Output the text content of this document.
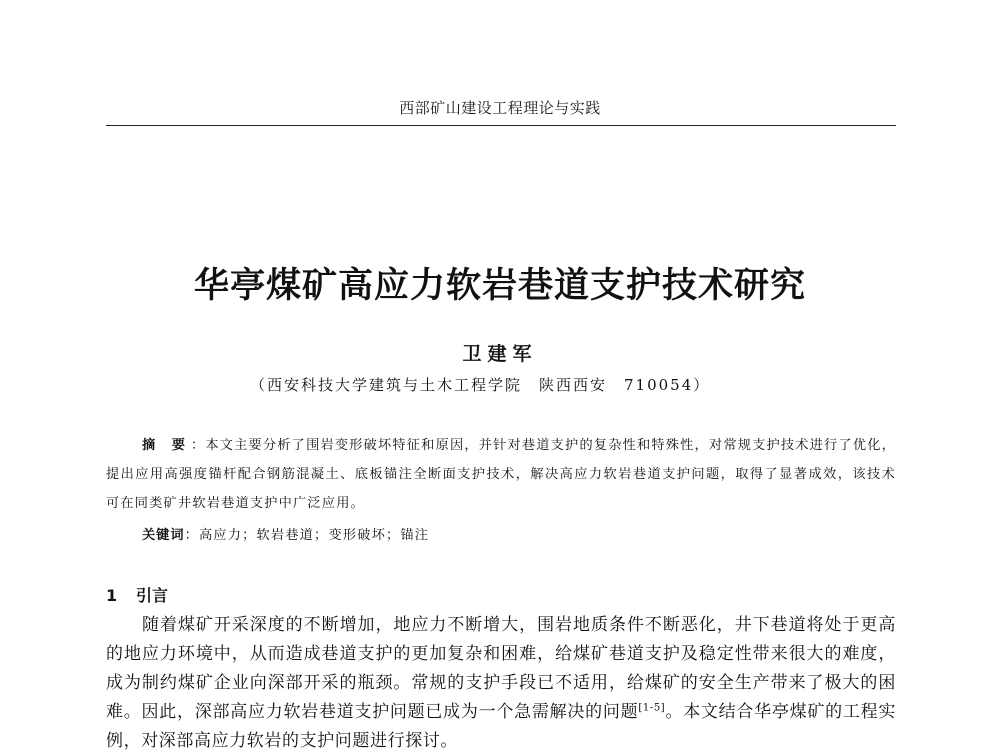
西部矿山建设工程理论与实践
华亭煤矿高应力软岩巷道支护技术研究
卫建军
（西安科技大学建筑与土木工程学院　陕西西安　710054）
摘 要：本文主要分析了围岩变形破坏特征和原因，并针对巷道支护的复杂性和特殊性，对常规支护技术进行了优化，提出应用高强度锚杆配合钢筋混凝土、底板锚注全断面支护技术，解决高应力软岩巷道支护问题，取得了显著成效，该技术可在同类矿井软岩巷道支护中广泛应用。
关键词：高应力；软岩巷道；变形破坏；锚注
1 引言
随着煤矿开采深度的不断增加，地应力不断增大，围岩地质条件不断恶化，井下巷道将处于更高的地应力环境中，从而造成巷道支护的更加复杂和困难，给煤矿巷道支护及稳定性带来很大的难度，成为制约煤矿企业向深部开采的瓶颈。常规的支护手段已不适用，给煤矿的安全生产带来了极大的困难。因此，深部高应力软岩巷道支护问题已成为一个急需解决的问题[1-5]。本文结合华亭煤矿的工程实例，对深部高应力软岩的支护问题进行探讨。
